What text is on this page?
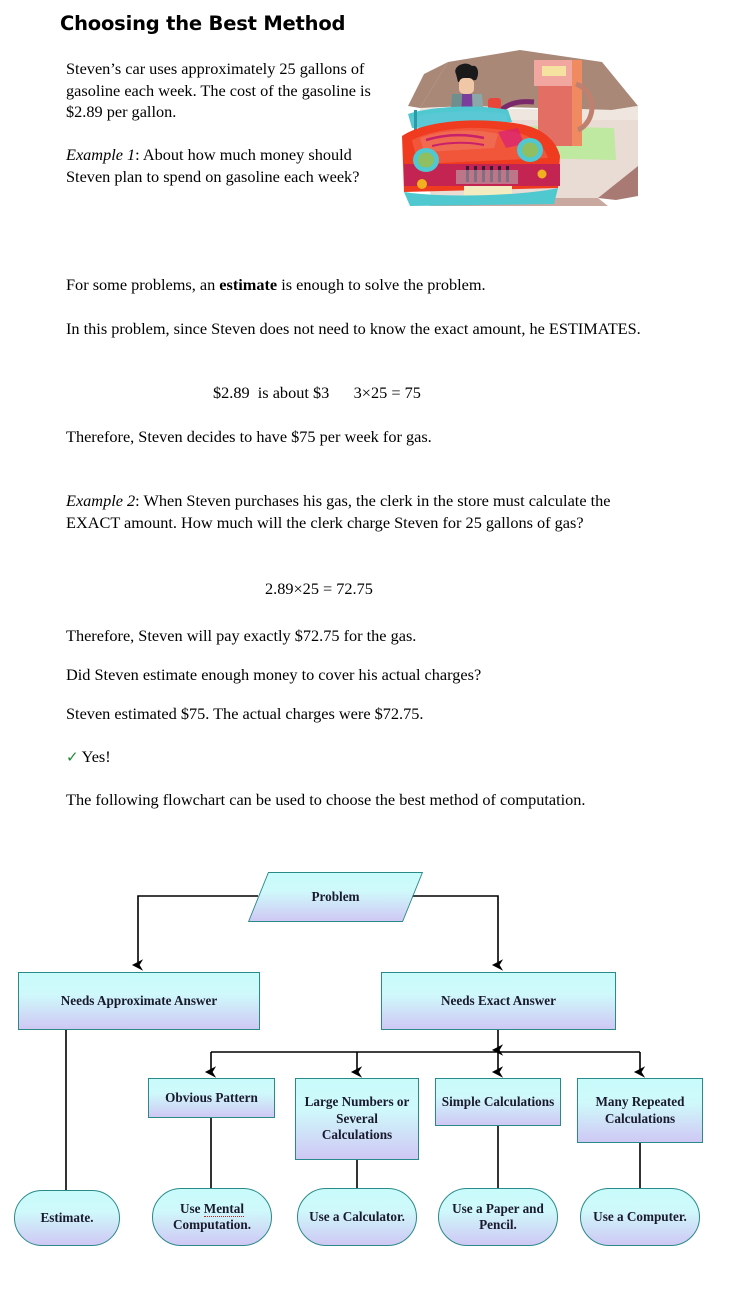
Choosing the Best Method
Steven’s car uses approximately 25 gallons of gasoline each week. The cost of the gasoline is $2.89 per gallon.
Example 1: About how much money should Steven plan to spend on gasoline each week?
For some problems, an estimate is enough to solve the problem.
In this problem, since Steven does not need to know the exact amount, he ESTIMATES.
$2.89  is about $3      3×25 = 75
Therefore, Steven decides to have $75 per week for gas.
Example 2: When Steven purchases his gas, the clerk in the store must calculate the EXACT amount. How much will the clerk charge Steven for 25 gallons of gas?
2.89×25 = 72.75
Therefore, Steven will pay exactly $72.75 for the gas.
Did Steven estimate enough money to cover his actual charges?
Steven estimated $75. The actual charges were $72.75.
✓ Yes!
The following flowchart can be used to choose the best method of computation.
Problem
Needs Approximate Answer	Needs Exact Answer
Obvious Pattern	Large Numbers or Several Calculations
Simple Calculations	Many Repeated Calculations
Estimate.
Use Mental Computation.
Use a Calculator.
Use a Paper and Pencil.
Use a Computer.
